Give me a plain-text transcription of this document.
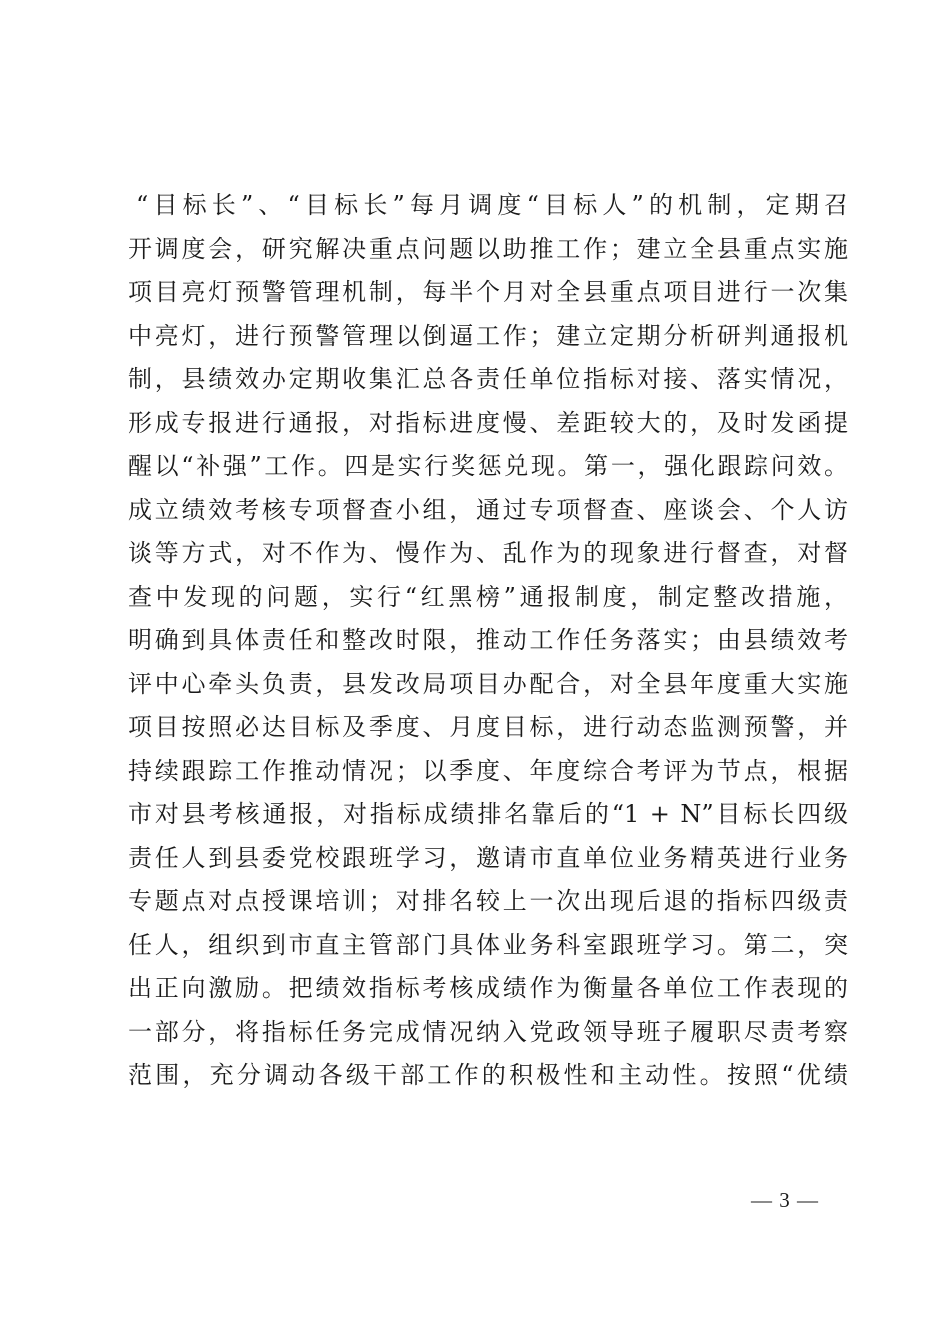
“目标长”、“目标长”每月调度“目标人”的机制，定期召
开调度会，研究解决重点问题以助推工作；建立全县重点实施
项目亮灯预警管理机制，每半个月对全县重点项目进行一次集
中亮灯，进行预警管理以倒逼工作；建立定期分析研判通报机
制，县绩效办定期收集汇总各责任单位指标对接、落实情况，
形成专报进行通报，对指标进度慢、差距较大的，及时发函提
醒以“补强”工作。四是实行奖惩兑现。第一，强化跟踪问效。
成立绩效考核专项督查小组，通过专项督查、座谈会、个人访
谈等方式，对不作为、慢作为、乱作为的现象进行督查，对督
查中发现的问题，实行“红黑榜”通报制度，制定整改措施，
明确到具体责任和整改时限，推动工作任务落实；由县绩效考
评中心牵头负责，县发改局项目办配合，对全县年度重大实施
项目按照必达目标及季度、月度目标，进行动态监测预警，并
持续跟踪工作推动情况；以季度、年度综合考评为节点，根据
市对县考核通报，对指标成绩排名靠后的“1 + N”目标长四级
责任人到县委党校跟班学习，邀请市直单位业务精英进行业务
专题点对点授课培训；对排名较上一次出现后退的指标四级责
任人，组织到市直主管部门具体业务科室跟班学习。第二，突
出正向激励。把绩效指标考核成绩作为衡量各单位工作表现的
一部分，将指标任务完成情况纳入党政领导班子履职尽责考察
范围，充分调动各级干部工作的积极性和主动性。按照“优绩
— 3 —
